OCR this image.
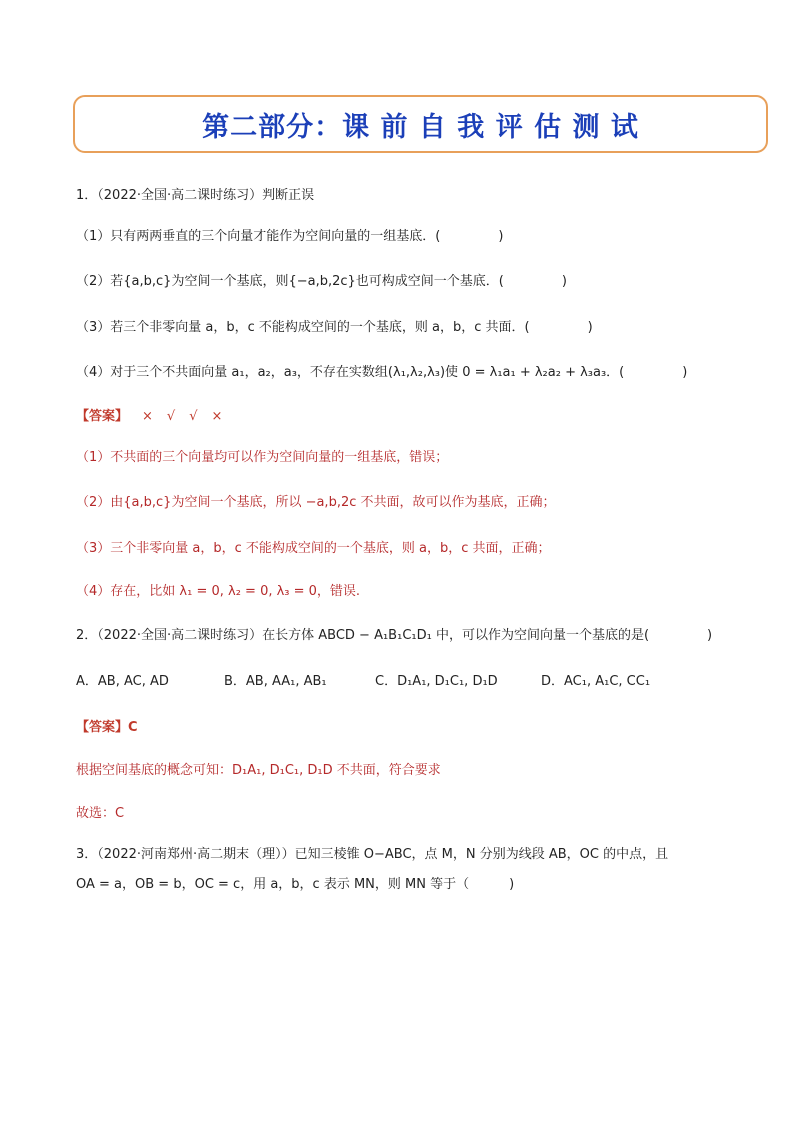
第二部分：课 前 自 我 评 估 测 试
1．（2022·全国·高二课时练习）判断正误
（1）只有两两垂直的三个向量才能作为空间向量的一组基底．(	)
（2）若{a,b,c}为空间一个基底，则{−a,b,2c}也可构成空间一个基底．(	)
（3）若三个非零向量 a，b，c 不能构成空间的一个基底，则 a，b，c 共面．(	)
（4）对于三个不共面向量 a₁，a₂，a₃，不存在实数组(λ₁,λ₂,λ₃)使 0 = λ₁a₁ + λ₂a₂ + λ₃a₃．(	)
【答案】 × √ √ ×
（1）不共面的三个向量均可以作为空间向量的一组基底，错误；
（2）由{a,b,c}为空间一个基底，所以 −a,b,2c 不共面，故可以作为基底，正确；
（3）三个非零向量 a，b，c 不能构成空间的一个基底，则 a，b，c 共面，正确；
（4）存在，比如 λ₁ = 0, λ₂ = 0, λ₃ = 0，错误.
2．（2022·全国·高二课时练习）在长方体 ABCD − A₁B₁C₁D₁ 中，可以作为空间向量一个基底的是(	)
A．AB, AC, AD	B．AB, AA₁, AB₁	C．D₁A₁, D₁C₁, D₁D	D．AC₁, A₁C, CC₁
【答案】C
根据空间基底的概念可知：D₁A₁, D₁C₁, D₁D 不共面，符合要求
故选：C
3．（2022·河南郑州·高二期末（理））已知三棱锥 O−ABC，点 M，N 分别为线段 AB，OC 的中点，且
OA = a，OB = b，OC = c，用 a，b，c 表示 MN，则 MN 等于（	)
